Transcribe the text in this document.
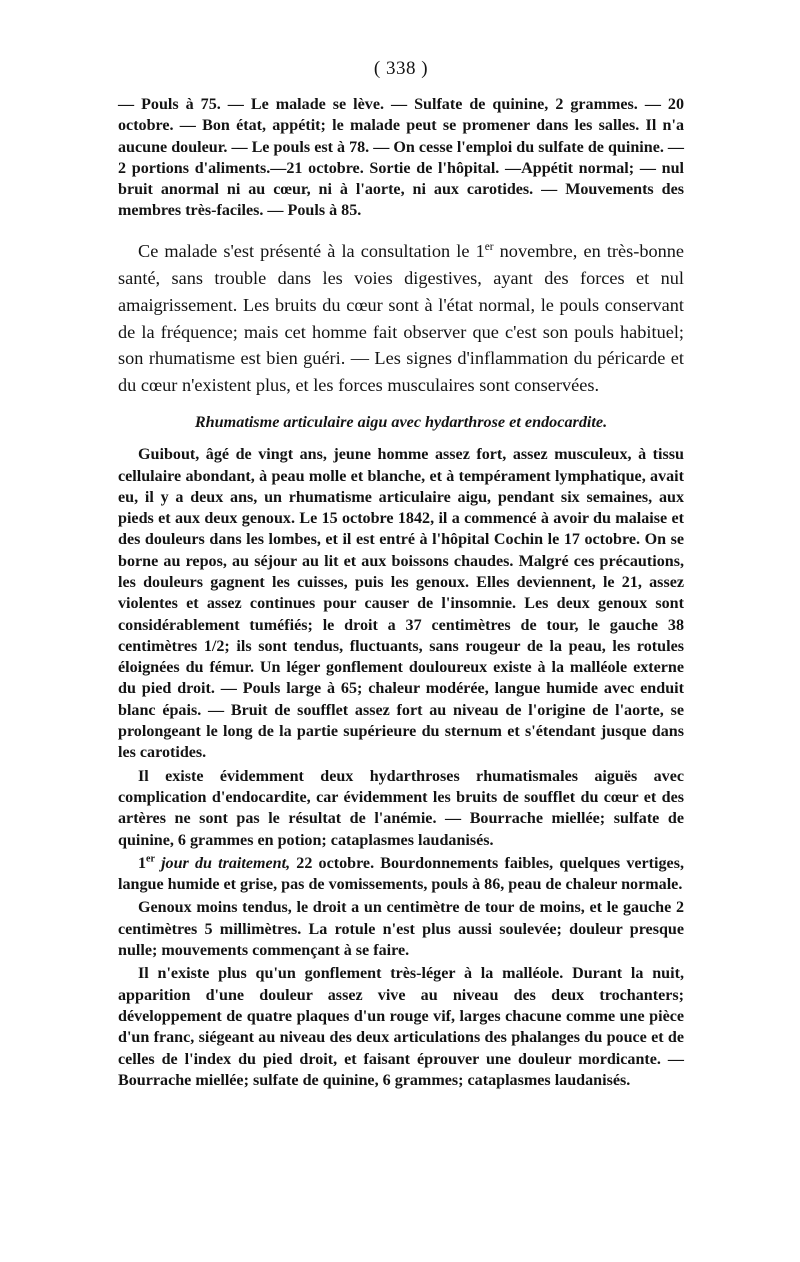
( 338 )

— Pouls à 75. — Le malade se lève. — Sulfate de quinine, 2 grammes. — 20 octobre. — Bon état, appétit; le malade peut se promener dans les salles. Il n'a aucune douleur. — Le pouls est à 78. — On cesse l'emploi du sulfate de quinine. — 2 portions d'aliments.—21 octobre. Sortie de l'hôpital. —Appétit normal; — nul bruit anormal ni au cœur, ni à l'aorte, ni aux carotides. — Mouvements des membres très-faciles. — Pouls à 85.

Ce malade s'est présenté à la consultation le 1er novembre, en très-bonne santé, sans trouble dans les voies digestives, ayant des forces et nul amaigrissement. Les bruits du cœur sont à l'état normal, le pouls conservant de la fréquence; mais cet homme fait observer que c'est son pouls habituel; son rhumatisme est bien guéri. — Les signes d'inflammation du péricarde et du cœur n'existent plus, et les forces musculaires sont conservées.

Rhumatisme articulaire aigu avec hydarthrose et endocardite.

Guibout, âgé de vingt ans, jeune homme assez fort, assez musculeux, à tissu cellulaire abondant, à peau molle et blanche, et à tempérament lymphatique, avait eu, il y a deux ans, un rhumatisme articulaire aigu, pendant six semaines, aux pieds et aux deux genoux. Le 15 octobre 1842, il a commencé à avoir du malaise et des douleurs dans les lombes, et il est entré à l'hôpital Cochin le 17 octobre. On se borne au repos, au séjour au lit et aux boissons chaudes. Malgré ces précautions, les douleurs gagnent les cuisses, puis les genoux. Elles deviennent, le 21, assez violentes et assez continues pour causer de l'insomnie. Les deux genoux sont considérablement tuméfiés; le droit a 37 centimètres de tour, le gauche 38 centimètres 1/2; ils sont tendus, fluctuants, sans rougeur de la peau, les rotules éloignées du fémur. Un léger gonflement douloureux existe à la malléole externe du pied droit. — Pouls large à 65; chaleur modérée, langue humide avec enduit blanc épais. — Bruit de soufflet assez fort au niveau de l'origine de l'aorte, se prolongeant le long de la partie supérieure du sternum et s'étendant jusque dans les carotides.

Il existe évidemment deux hydarthroses rhumatismales aiguës avec complication d'endocardite, car évidemment les bruits de soufflet du cœur et des artères ne sont pas le résultat de l'anémie. — Bourrache miellée; sulfate de quinine, 6 grammes en potion; cataplasmes laudanisés.

1er jour du traitement, 22 octobre. Bourdonnements faibles, quelques vertiges, langue humide et grise, pas de vomissements, pouls à 86, peau de chaleur normale.

Genoux moins tendus, le droit a un centimètre de tour de moins, et le gauche 2 centimètres 5 millimètres. La rotule n'est plus aussi soulevée; douleur presque nulle; mouvements commençant à se faire.

Il n'existe plus qu'un gonflement très-léger à la malléole. Durant la nuit, apparition d'une douleur assez vive au niveau des deux trochanters; développement de quatre plaques d'un rouge vif, larges chacune comme une pièce d'un franc, siégeant au niveau des deux articulations des phalanges du pouce et de celles de l'index du pied droit, et faisant éprouver une douleur mordicante. — Bourrache miellée; sulfate de quinine, 6 grammes; cataplasmes laudanisés.
